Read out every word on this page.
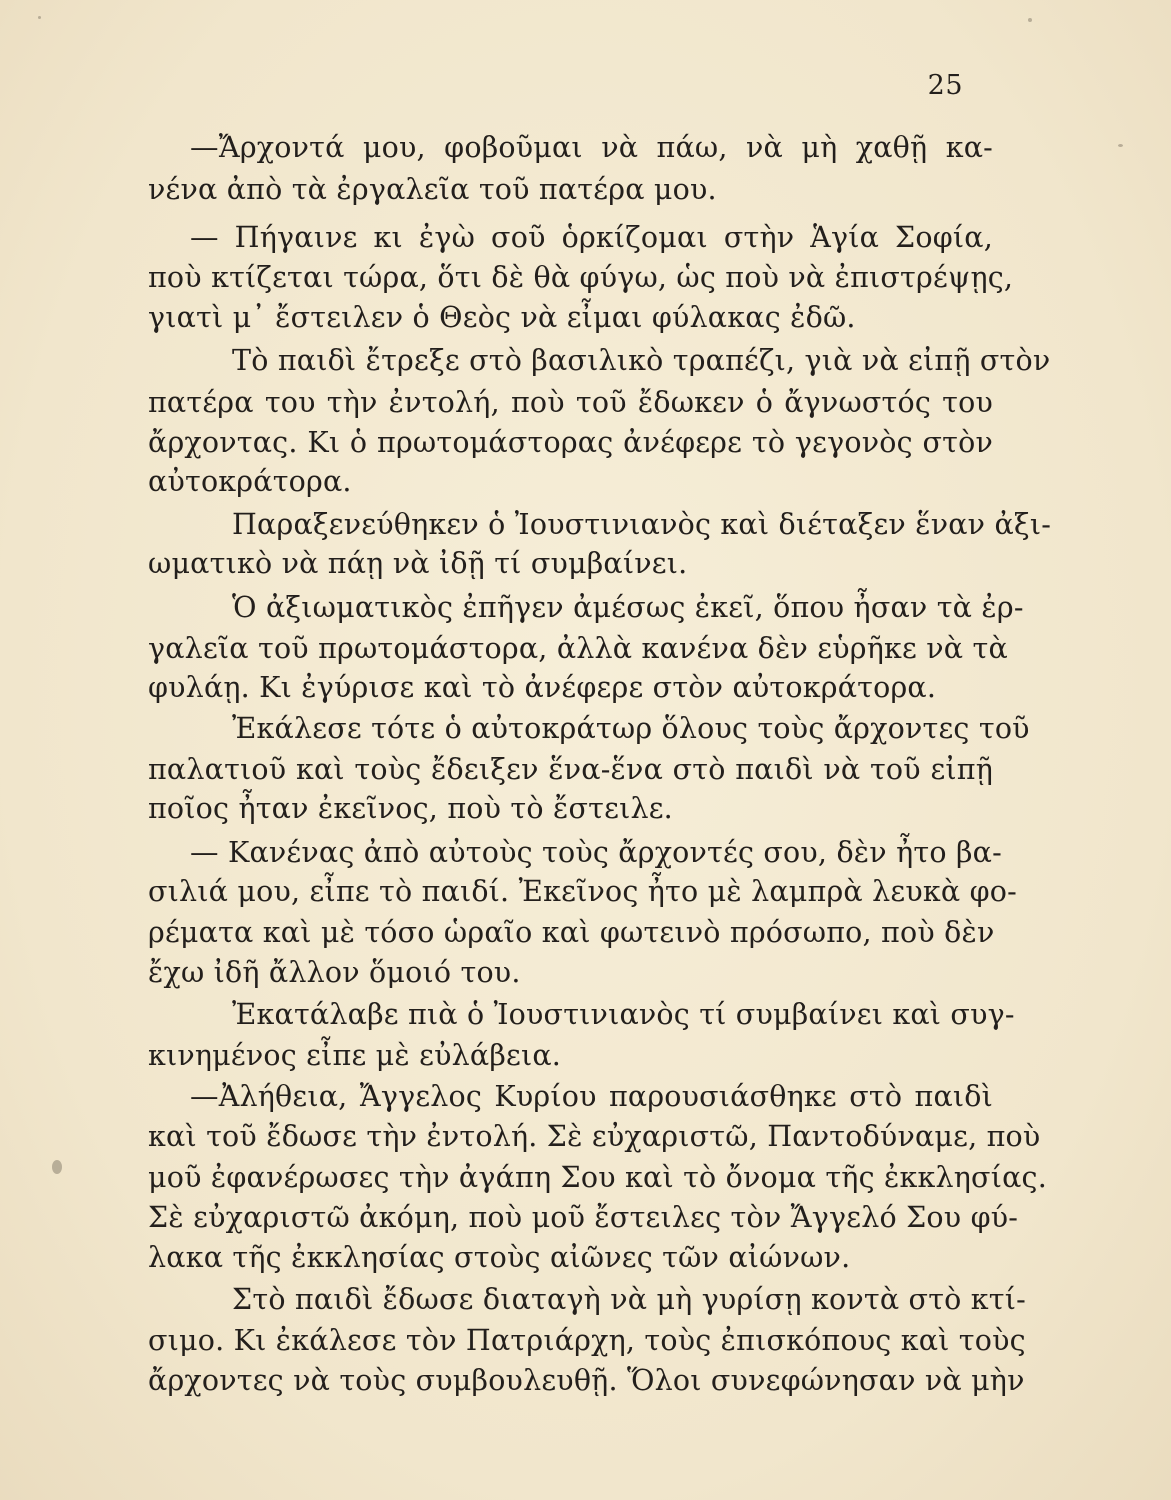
25
—Ἄρχοντά μου, φοβοῦμαι νὰ πάω, νὰ μὴ χαθῇ κα-
νένα ἀπὸ τὰ ἐργαλεῖα τοῦ πατέρα μου.
— Πήγαινε κι ἐγὼ σοῦ ὁρκίζομαι στὴν Ἁγία Σοφία,
ποὺ κτίζεται τώρα, ὅτι δὲ θὰ φύγω, ὡς ποὺ νὰ ἐπιστρέψῃς,
γιατὶ μ᾿ ἔστειλεν ὁ Θεὸς νὰ εἶμαι φύλακας ἐδῶ.
Τὸ παιδὶ ἔτρεξε στὸ βασιλικὸ τραπέζι, γιὰ νὰ εἰπῇ στὸν
πατέρα του τὴν ἐντολή, ποὺ τοῦ ἔδωκεν ὁ ἄγνωστός του
ἄρχοντας. Κι ὁ πρωτομάστορας ἀνέφερε τὸ γεγονὸς στὸν
αὐτοκράτορα.
Παραξενεύθηκεν ὁ Ἰουστινιανὸς καὶ διέταξεν ἕναν ἀξι-
ωματικὸ νὰ πάῃ νὰ ἰδῇ τί συμβαίνει.
Ὁ ἀξιωματικὸς ἐπῆγεν ἀμέσως ἐκεῖ, ὅπου ἦσαν τὰ ἐρ-
γαλεῖα τοῦ πρωτομάστορα, ἀλλὰ κανένα δὲν εὑρῆκε νὰ τὰ
φυλάῃ. Κι ἐγύρισε καὶ τὸ ἀνέφερε στὸν αὐτοκράτορα.
Ἐκάλεσε τότε ὁ αὐτοκράτωρ ὅλους τοὺς ἄρχοντες τοῦ
παλατιοῦ καὶ τοὺς ἔδειξεν ἕνα-ἕνα στὸ παιδὶ νὰ τοῦ εἰπῇ
ποῖος ἦταν ἐκεῖνος, ποὺ τὸ ἔστειλε.
— Κανένας ἀπὸ αὐτοὺς τοὺς ἄρχοντές σου, δὲν ἦτο βα-
σιλιά μου, εἶπε τὸ παιδί. Ἐκεῖνος ἦτο μὲ λαμπρὰ λευκὰ φο-
ρέματα καὶ μὲ τόσο ὡραῖο καὶ φωτεινὸ πρόσωπο, ποὺ δὲν
ἔχω ἰδῆ ἄλλον ὅμοιό του.
Ἐκατάλαβε πιὰ ὁ Ἰουστινιανὸς τί συμβαίνει καὶ συγ-
κινημένος εἶπε μὲ εὐλάβεια.
—Ἀλήθεια, Ἄγγελος Κυρίου παρουσιάσθηκε στὸ παιδὶ
καὶ τοῦ ἔδωσε τὴν ἐντολή. Σὲ εὐχαριστῶ, Παντοδύναμε, ποὺ
μοῦ ἐφανέρωσες τὴν ἀγάπη Σου καὶ τὸ ὄνομα τῆς ἐκκλησίας.
Σὲ εὐχαριστῶ ἀκόμη, ποὺ μοῦ ἔστειλες τὸν Ἄγγελό Σου φύ-
λακα τῆς ἐκκλησίας στοὺς αἰῶνες τῶν αἰώνων.
Στὸ παιδὶ ἔδωσε διαταγὴ νὰ μὴ γυρίσῃ κοντὰ στὸ κτί-
σιμο. Κι ἐκάλεσε τὸν Πατριάρχη, τοὺς ἐπισκόπους καὶ τοὺς
ἄρχοντες νὰ τοὺς συμβουλευθῇ. Ὅλοι συνεφώνησαν νὰ μὴν
